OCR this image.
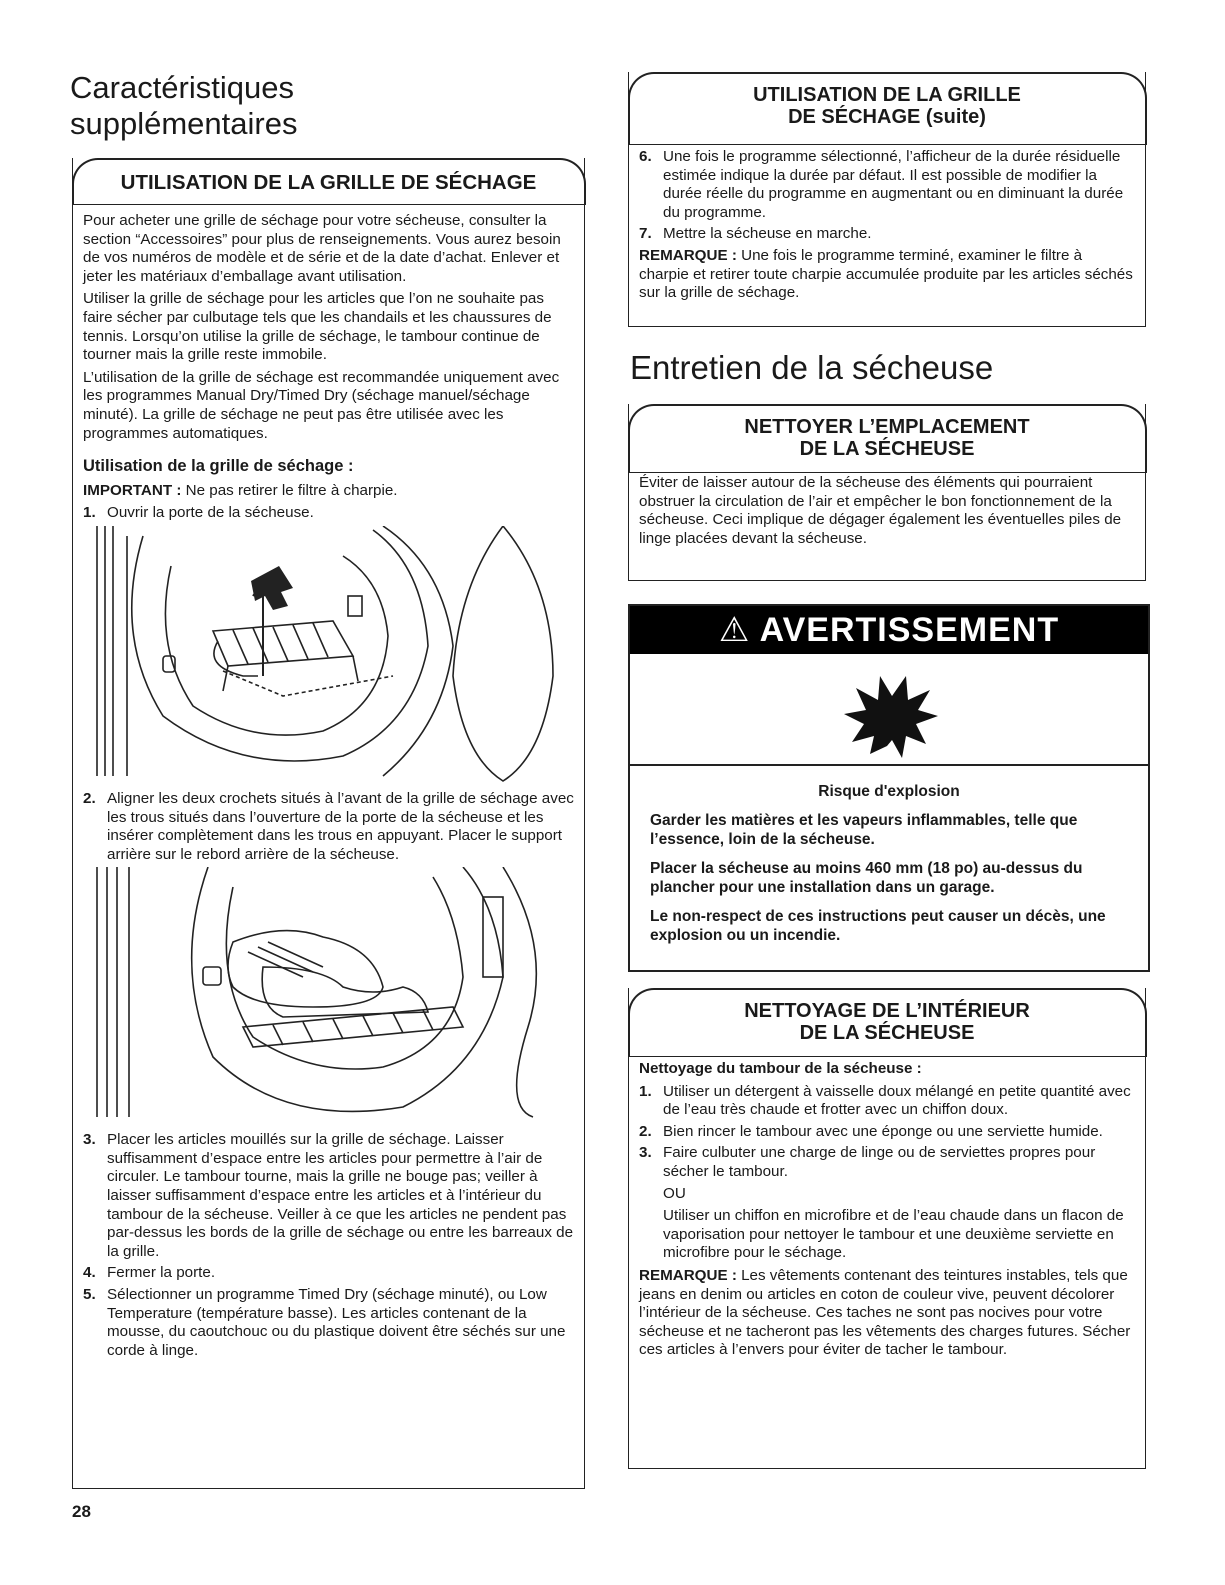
Caractéristiques
supplémentaires
UTILISATION DE LA GRILLE DE SÉCHAGE

Pour acheter une grille de séchage pour votre sécheuse, consulter la section “Accessoires” pour plus de renseignements. Vous aurez besoin de vos numéros de modèle et de série et de la date d’achat. Enlever et jeter les matériaux d’emballage avant utilisation.

Utiliser la grille de séchage pour les articles que l’on ne souhaite pas faire sécher par culbutage tels que les chandails et les chaussures de tennis. Lorsqu’on utilise la grille de séchage, le tambour continue de tourner mais la grille reste immobile.

L’utilisation de la grille de séchage est recommandée uniquement avec les programmes Manual Dry/Timed Dry (séchage manuel/séchage minuté). La grille de séchage ne peut pas être utilisée avec les programmes automatiques.

Utilisation de la grille de séchage :

IMPORTANT : Ne pas retirer le filtre à charpie.

1. Ouvrir la porte de la sécheuse.
2. Aligner les deux crochets situés à l’avant de la grille de séchage avec les trous situés dans l’ouverture de la porte de la sécheuse et les insérer complètement dans les trous en appuyant. Placer le support arrière sur le rebord arrière de la sécheuse.
3. Placer les articles mouillés sur la grille de séchage. Laisser suffisamment d’espace entre les articles pour permettre à l’air de circuler. Le tambour tourne, mais la grille ne bouge pas; veiller à laisser suffisamment d’espace entre les articles et à l’intérieur du tambour de la sécheuse. Veiller à ce que les articles ne pendent pas par-dessus les bords de la grille de séchage ou entre les barreaux de la grille.
4. Fermer la porte.
5. Sélectionner un programme Timed Dry (séchage minuté), ou Low Temperature (température basse). Les articles contenant de la mousse, du caoutchouc ou du plastique doivent être séchés sur une corde à linge.
28
UTILISATION DE LA GRILLE
DE SÉCHAGE (suite)
6. Une fois le programme sélectionné, l’afficheur de la durée résiduelle estimée indique la durée par défaut. Il est possible de modifier la durée réelle du programme en augmentant ou en diminuant la durée du programme.
7. Mettre la sécheuse en marche.

REMARQUE : Une fois le programme terminé, examiner le filtre à charpie et retirer toute charpie accumulée produite par les articles séchés sur la grille de séchage.

Entretien de la sécheuse
NETTOYER L’EMPLACEMENT
DE LA SÉCHEUSE

Éviter de laisser autour de la sécheuse des éléments qui pourraient obstruer la circulation de l’air et empêcher le bon fonctionnement de la sécheuse. Ceci implique de dégager également les éventuelles piles de linge placées devant la sécheuse.

NETTOYAGE DE L’INTÉRIEUR
DE LA SÉCHEUSE

Nettoyage du tambour de la sécheuse :

1. Utiliser un détergent à vaisselle doux mélangé en petite quantité avec de l’eau très chaude et frotter avec un chiffon doux.
2. Bien rincer le tambour avec une éponge ou une serviette humide.
3. Faire culbuter une charge de linge ou de serviettes propres pour sécher le tambour.

OU

Utiliser un chiffon en microfibre et de l’eau chaude dans un flacon de vaporisation pour nettoyer le tambour et une deuxième serviette en microfibre pour le séchage.

REMARQUE : Les vêtements contenant des teintures instables, tels que jeans en denim ou articles en coton de couleur vive, peuvent décolorer l’intérieur de la sécheuse. Ces taches ne sont pas nocives pour votre sécheuse et ne tacheront pas les vêtements des charges futures. Sécher ces articles à l’envers pour éviter de tacher le tambour.

⚠ AVERTISSEMENT

Risque d'explosion

Garder les matières et les vapeurs inflammables, telle que l’essence, loin de la sécheuse.

Placer la sécheuse au moins 460 mm (18 po) au-dessus du plancher pour une installation dans un garage.

Le non-respect de ces instructions peut causer un décès, une explosion ou un incendie.
